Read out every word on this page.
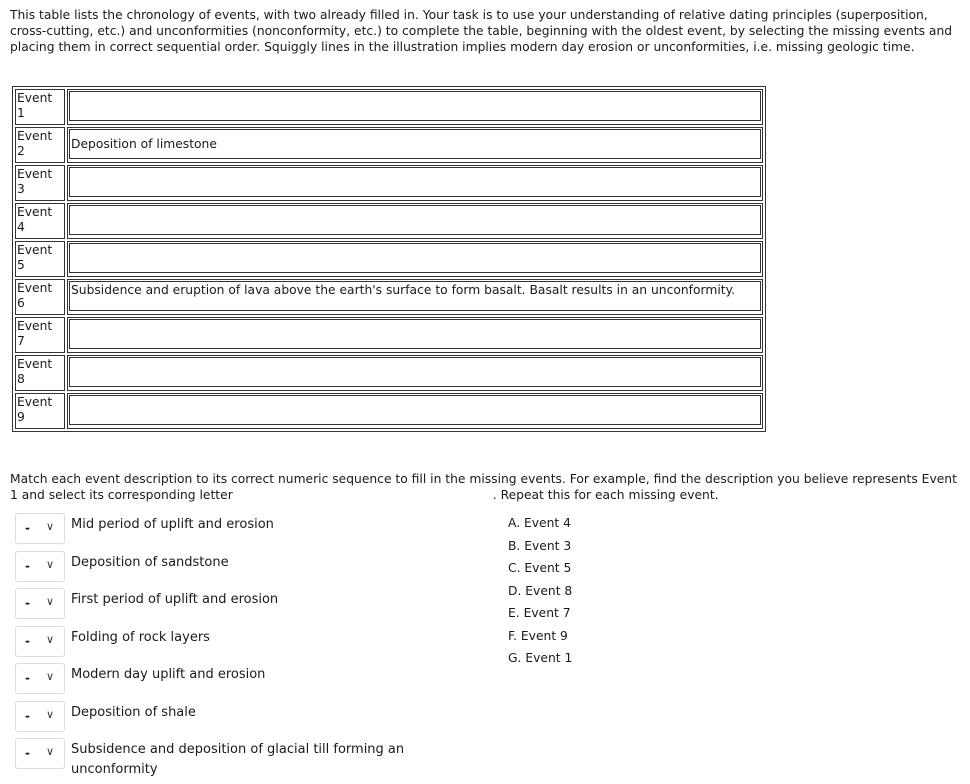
This table lists the chronology of events, with two already filled in. Your task is to use your understanding of relative dating principles (superposition, cross-cutting, etc.) and unconformities (nonconformity, etc.) to complete the table, beginning with the oldest event, by selecting the missing events and placing them in correct sequential order. Squiggly lines in the illustration implies modern day erosion or unconformities, i.e. missing geologic time.

Event 1	

Event 2	Deposition of limestone

Event 3	

Event 4	

Event 5	

Event 6	Subsidence and eruption of lava above the earth's surface to form basalt. Basalt results in an unconformity.

Event 7	

Event 8	

Event 9	

Match each event description to its correct numeric sequence to fill in the missing events. For example, find the description you believe represents Event 1 and select its corresponding letter	. Repeat this for each missing event.

- ∨ Mid period of uplift and erosion
- ∨ Deposition of sandstone
- ∨ First period of uplift and erosion
- ∨ Folding of rock layers
- ∨ Modern day uplift and erosion
- ∨ Deposition of shale
- ∨ Subsidence and deposition of glacial till forming an unconformity
A. Event 4
B. Event 3
C. Event 5
D. Event 8
E. Event 7
F. Event 9
G. Event 1
